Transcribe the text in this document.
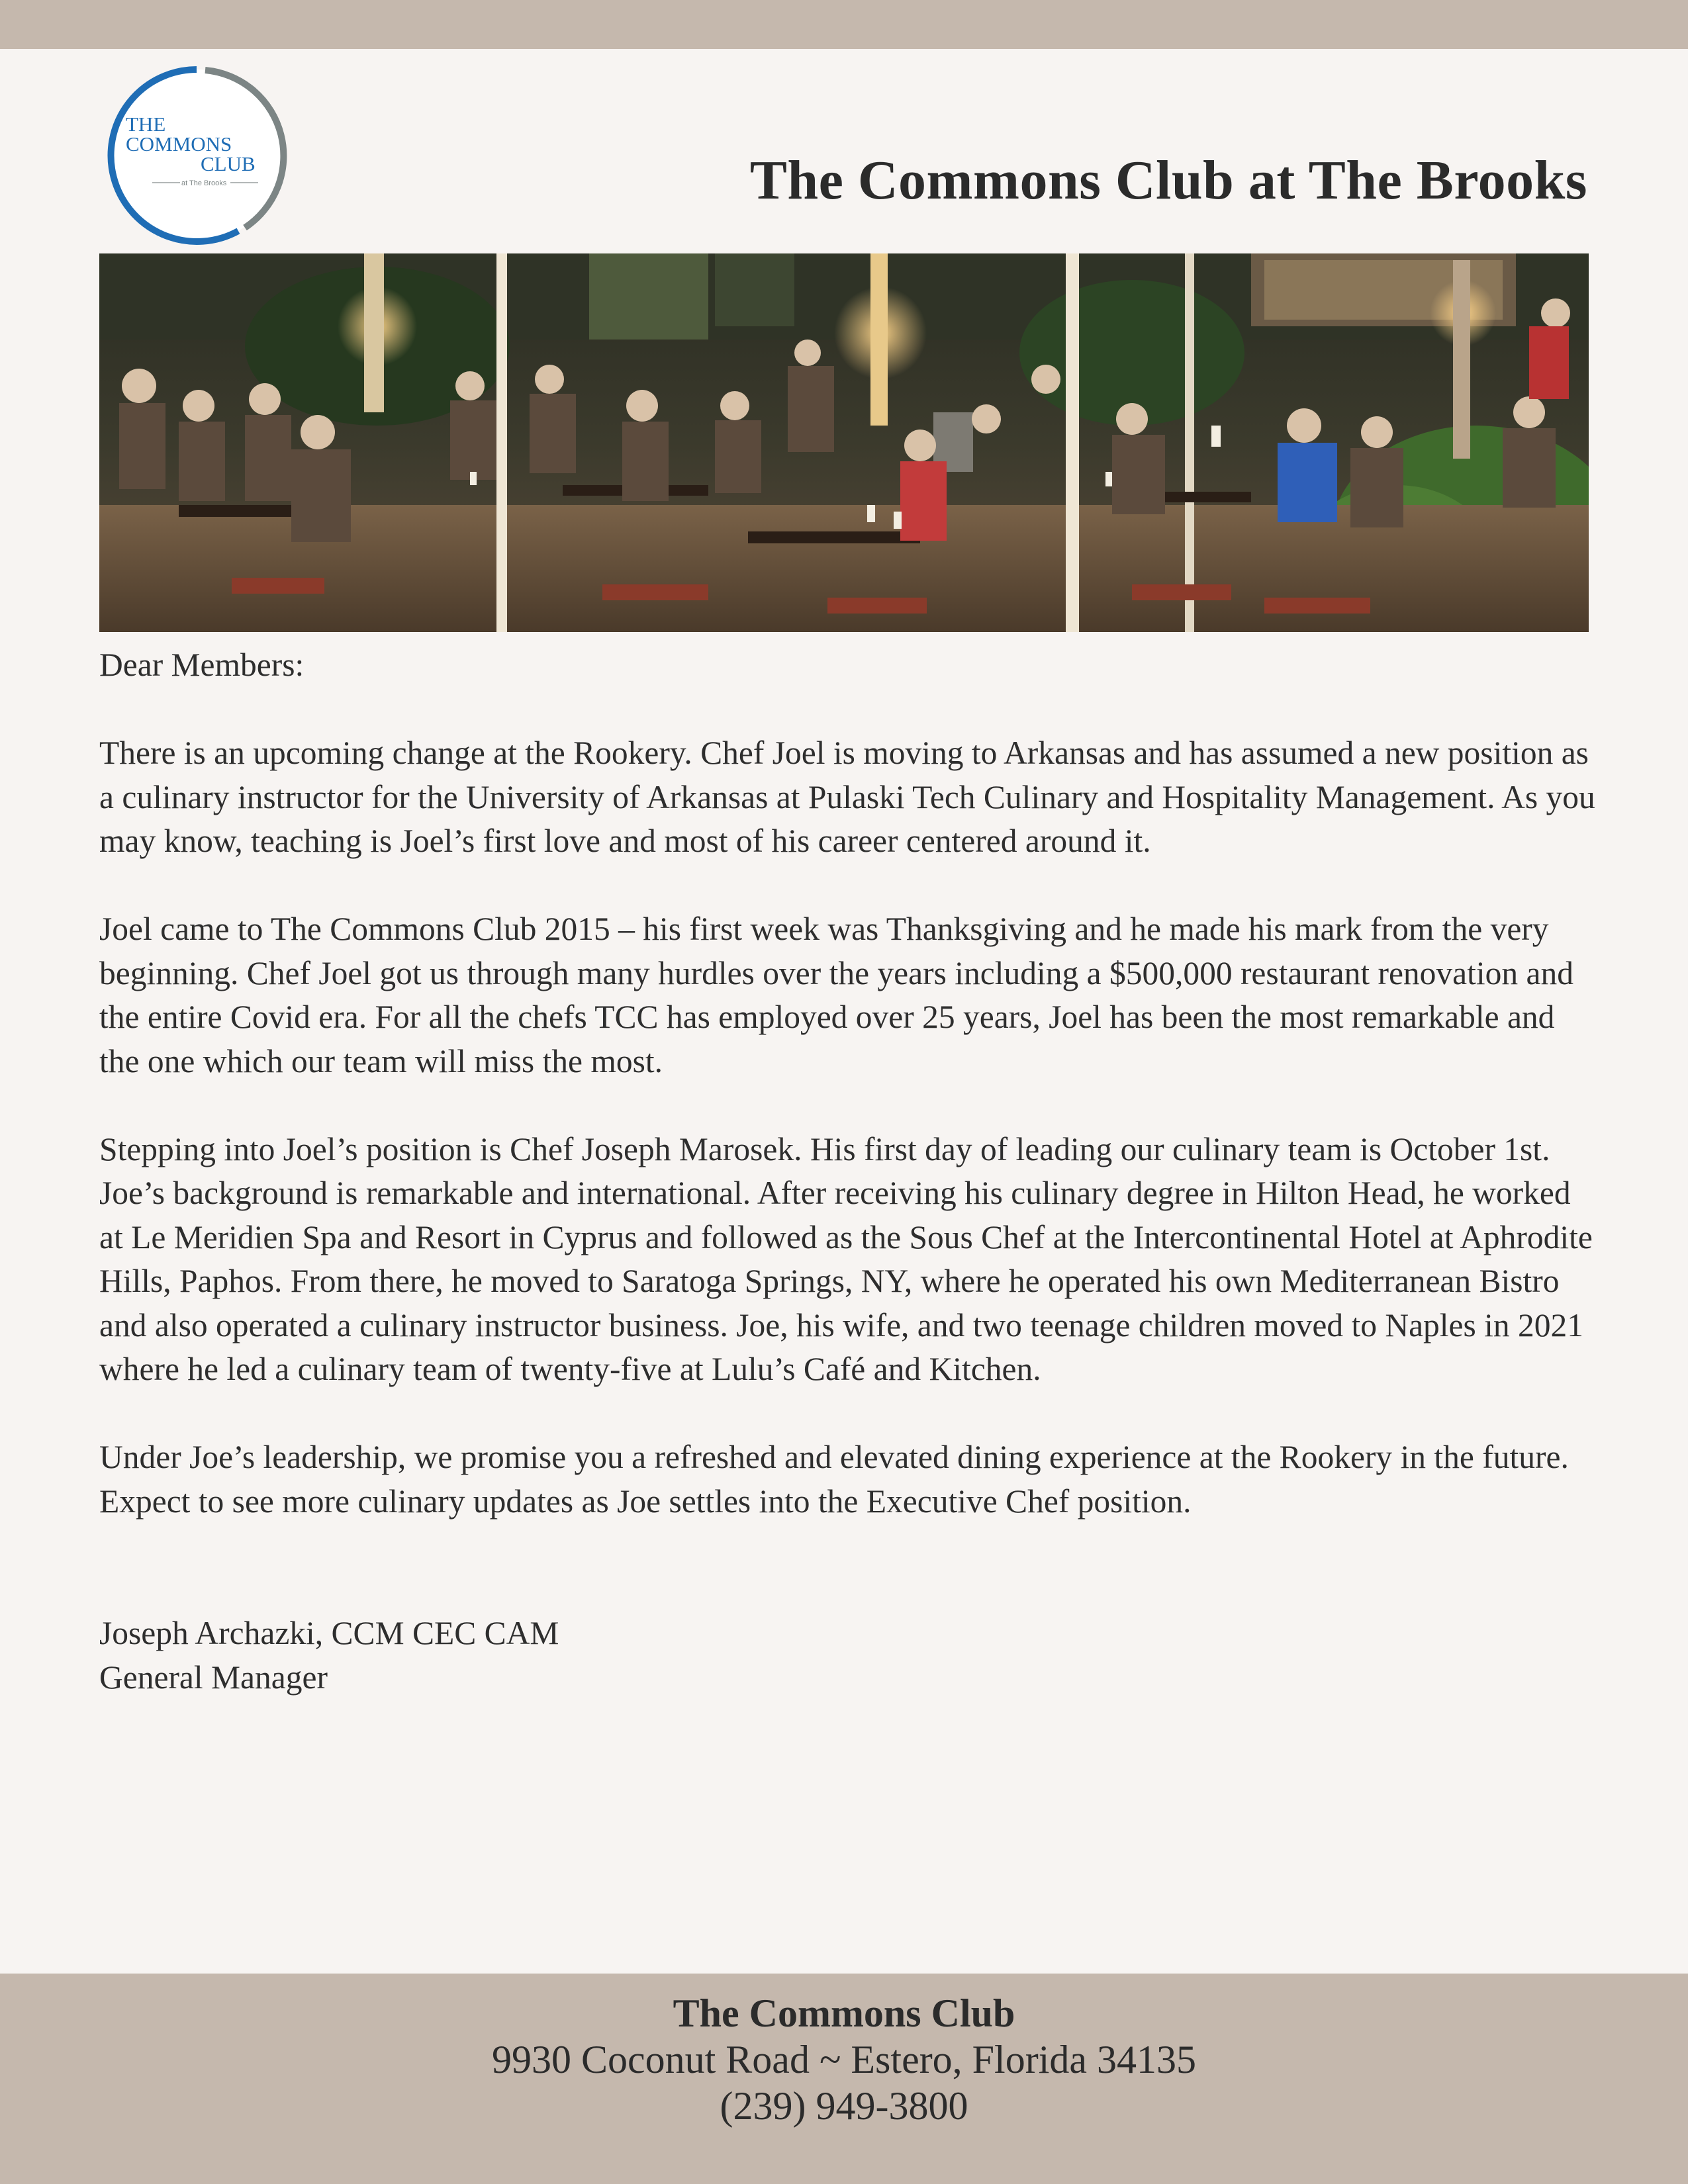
THE
COMMONS
CLUB
at The Brooks	The Commons Club at The Brooks

Dear Members:

There is an upcoming change at the Rookery. Chef Joel is moving to Arkansas and has assumed a new position as a culinary instructor for the University of Arkansas at Pulaski Tech Culinary and Hospitality Management. As you may know, teaching is Joel’s first love and most of his career centered around it.

Joel came to The Commons Club 2015 – his first week was Thanksgiving and he made his mark from the very beginning. Chef Joel got us through many hurdles over the years including a $500,000 restaurant renovation and the entire Covid era. For all the chefs TCC has employed over 25 years, Joel has been the most remarkable and the one which our team will miss the most.

Stepping into Joel’s position is Chef Joseph Marosek. His first day of leading our culinary team is October 1st. Joe’s background is remarkable and international. After receiving his culinary degree in Hilton Head, he worked at Le Meridien Spa and Resort in Cyprus and followed as the Sous Chef at the Intercontinental Hotel at Aphrodite Hills, Paphos. From there, he moved to Saratoga Springs, NY, where he operated his own Mediterranean Bistro and also operated a culinary instructor business. Joe, his wife, and two teenage children moved to Naples in 2021 where he led a culinary team of twenty-five at Lulu’s Café and Kitchen.

Under Joe’s leadership, we promise you a refreshed and elevated dining experience at the Rookery in the future. Expect to see more culinary updates as Joe settles into the Executive Chef position.

Joseph Archazki, CCM CEC CAM
General Manager
The Commons Club
9930 Coconut Road ~ Estero, Florida 34135
(239) 949-3800
